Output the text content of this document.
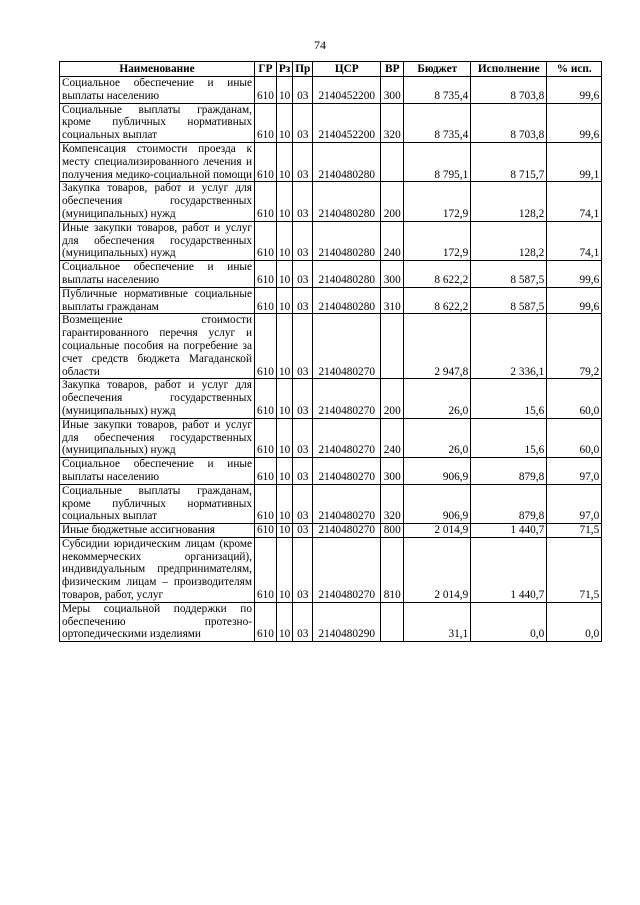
74
Наименование	ГР	Рз	Пр	ЦСР	ВР	Бюджет	Исполнение	% исп.
Социальное обеспечение и иные выплаты населению	610	10	03	2140452200	300	8 735,4	8 703,8	99,6
Социальные выплаты гражданам, кроме публичных нормативных социальных выплат	610	10	03	2140452200	320	8 735,4	8 703,8	99,6
Компенсация стоимости проезда к месту специализированного лечения и получения медико-социальной помощи	610	10	03	2140480280		8 795,1	8 715,7	99,1
Закупка товаров, работ и услуг для обеспечения государственных (муниципальных) нужд	610	10	03	2140480280	200	172,9	128,2	74,1
Иные закупки товаров, работ и услуг для обеспечения государственных (муниципальных) нужд	610	10	03	2140480280	240	172,9	128,2	74,1
Социальное обеспечение и иные выплаты населению	610	10	03	2140480280	300	8 622,2	8 587,5	99,6
Публичные нормативные социальные выплаты гражданам	610	10	03	2140480280	310	8 622,2	8 587,5	99,6
Возмещение стоимости гарантированного перечня услуг и социальные пособия на погребение за счет средств бюджета Магаданской области	610	10	03	2140480270		2 947,8	2 336,1	79,2
Закупка товаров, работ и услуг для обеспечения государственных (муниципальных) нужд	610	10	03	2140480270	200	26,0	15,6	60,0
Иные закупки товаров, работ и услуг для обеспечения государственных (муниципальных) нужд	610	10	03	2140480270	240	26,0	15,6	60,0
Социальное обеспечение и иные выплаты населению	610	10	03	2140480270	300	906,9	879,8	97,0
Социальные выплаты гражданам, кроме публичных нормативных социальных выплат	610	10	03	2140480270	320	906,9	879,8	97,0
Иные бюджетные ассигнования	610	10	03	2140480270	800	2 014,9	1 440,7	71,5
Субсидии юридическим лицам (кроме некоммерческих организаций), индивидуальным предпринимателям, физическим лицам – производителям товаров, работ, услуг	610	10	03	2140480270	810	2 014,9	1 440,7	71,5
Меры социальной поддержки по обеспечению протезно-ортопедическими изделиями	610	10	03	2140480290		31,1	0,0	0,0
